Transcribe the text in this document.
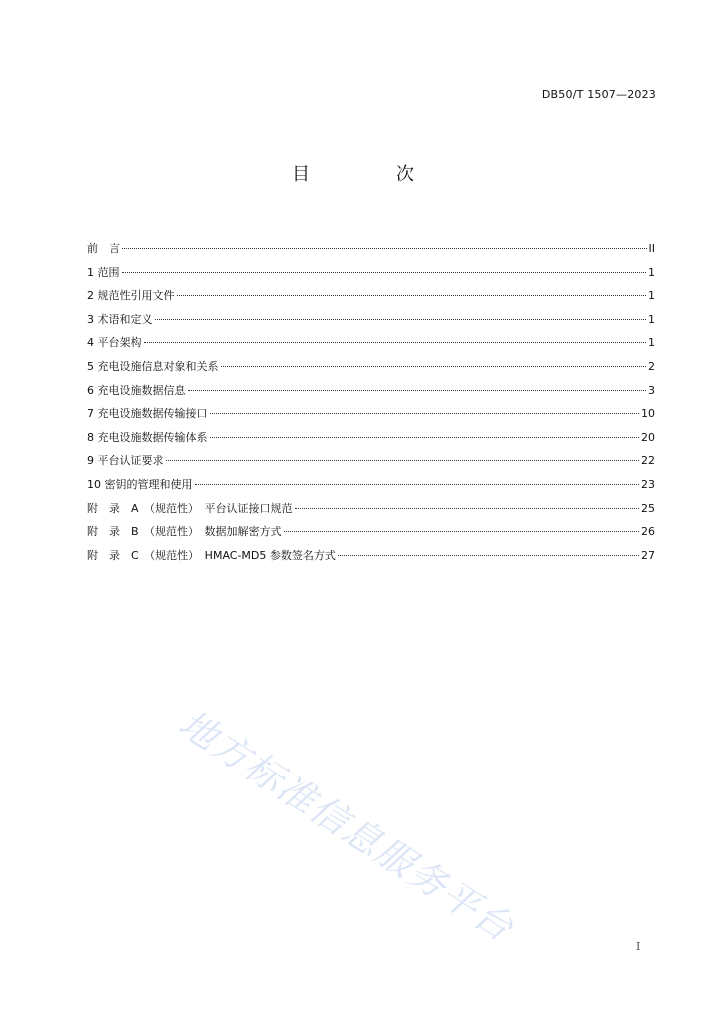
DB50/T 1507—2023
目　次
前　言	II
1 范围	1
2 规范性引用文件	1
3 术语和定义	1
4 平台架构	1
5 充电设施信息对象和关系	2
6 充电设施数据信息	3
7 充电设施数据传输接口	10
8 充电设施数据传输体系	20
9 平台认证要求	22
10 密钥的管理和使用	23
附　录　A　（规范性）　平台认证接口规范	25
附　录　B　（规范性）　数据加解密方式	26
附　录　C　（规范性）　HMAC-MD5 参数签名方式	27
地方标准信息服务平台	I
